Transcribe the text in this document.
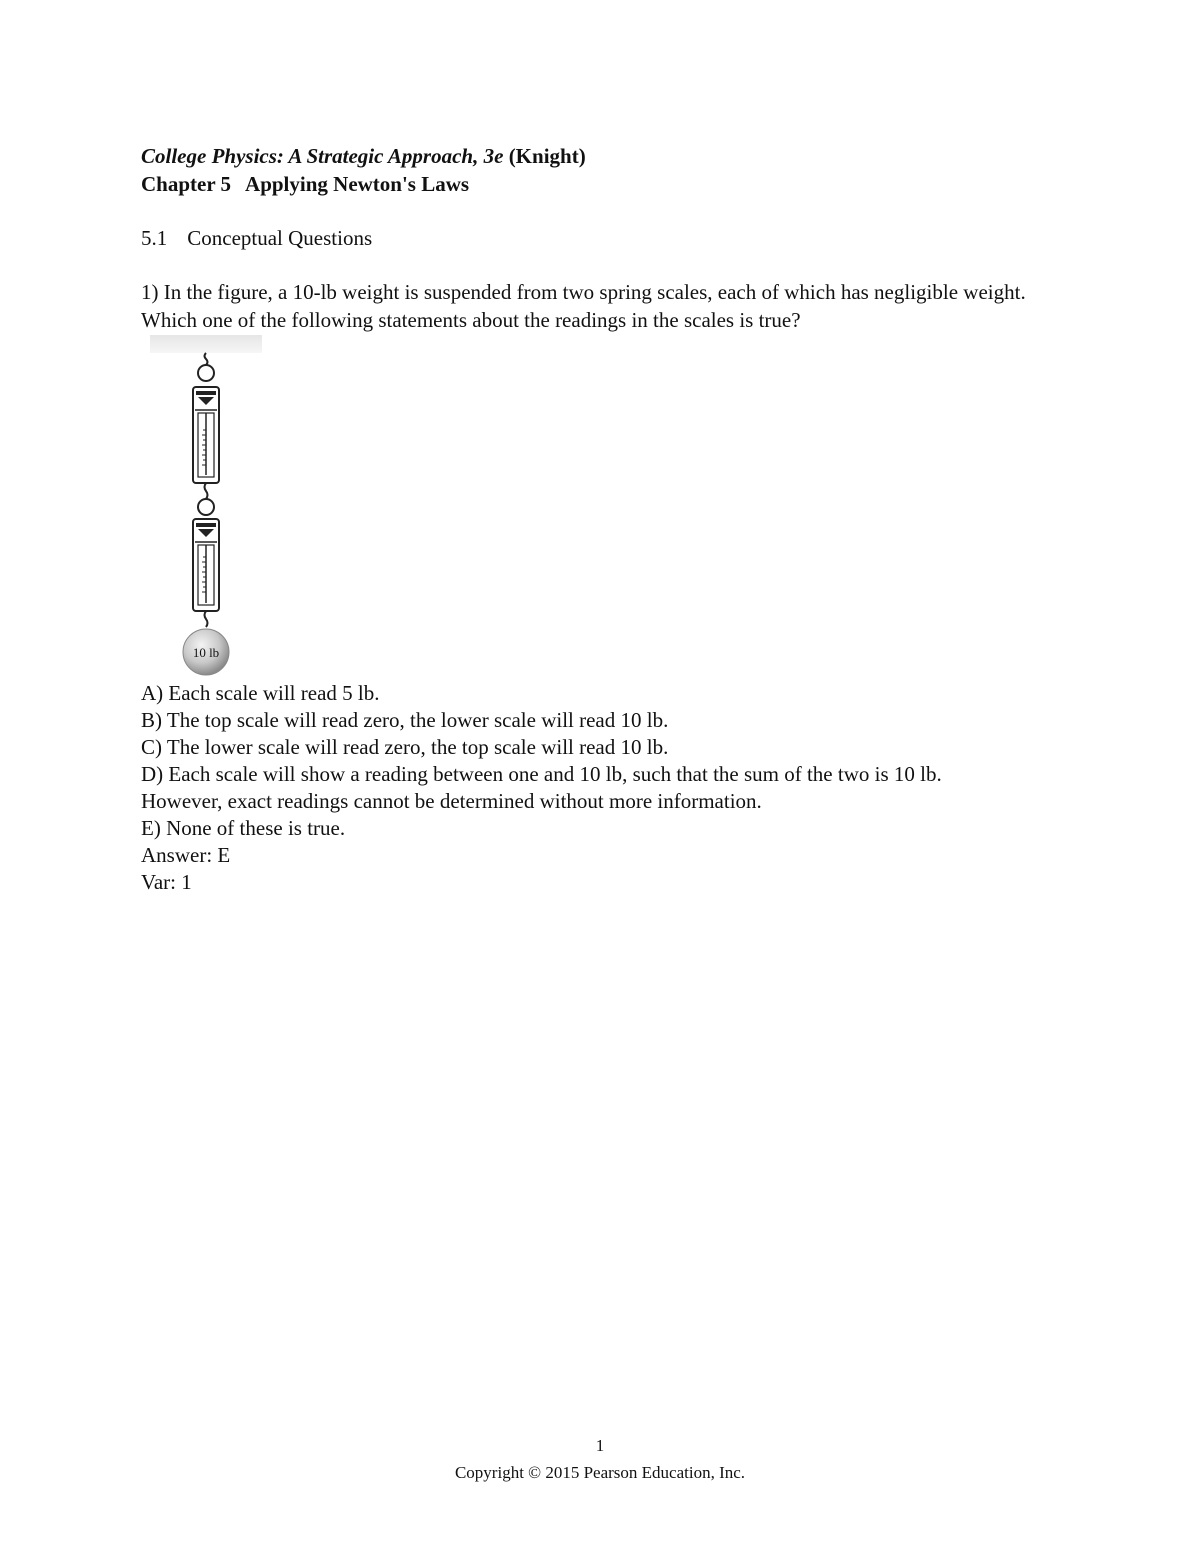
College Physics: A Strategic Approach, 3e (Knight)
Chapter 5 Applying Newton's Laws
5.1 Conceptual Questions
1) In the figure, a 10-lb weight is suspended from two spring scales, each of which has negligible weight. Which one of the following statements about the readings in the scales is true?
10 lb
A) Each scale will read 5 lb.
B) The top scale will read zero, the lower scale will read 10 lb.
C) The lower scale will read zero, the top scale will read 10 lb.
D) Each scale will show a reading between one and 10 lb, such that the sum of the two is 10 lb.
However, exact readings cannot be determined without more information.
E) None of these is true.
Answer: E
Var: 1
1
Copyright © 2015 Pearson Education, Inc.
